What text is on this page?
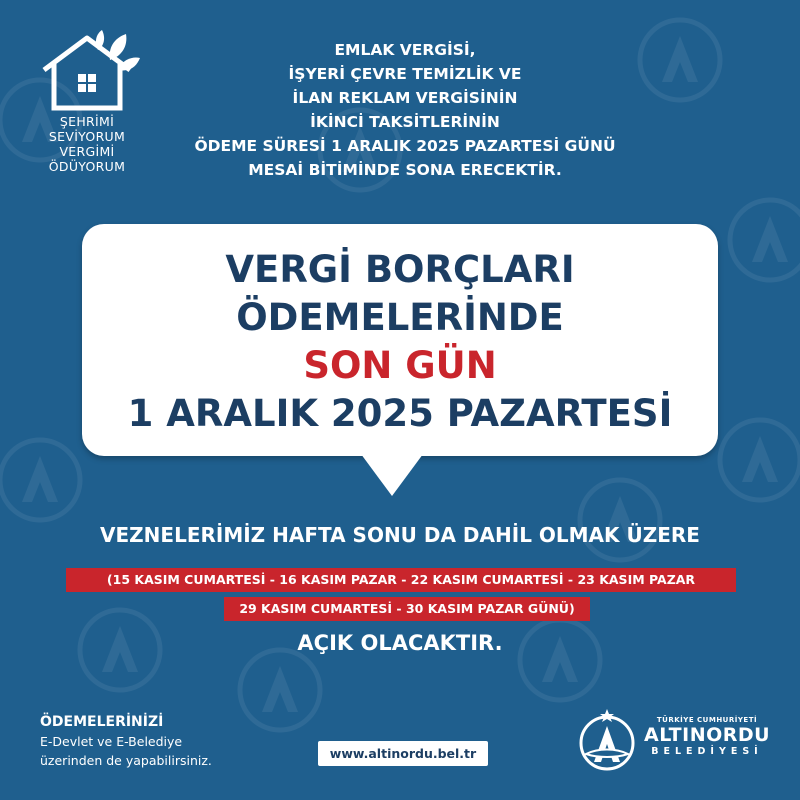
ŞEHRİMİ
SEVİYORUM
VERGİMİ
ÖDÜYORUM
EMLAK VERGİSİ,
İŞYERİ ÇEVRE TEMİZLİK VE
İLAN REKLAM VERGİSİNİN
İKİNCİ TAKSİTLERİNİN
ÖDEME SÜRESİ 1 ARALIK 2025 PAZARTESİ GÜNÜ
MESAİ BİTİMİNDE SONA ERECEKTİR.
VERGİ BORÇLARI
ÖDEMELERİNDE
SON GÜN
1 ARALIK 2025 PAZARTESİ
VEZNELERİMİZ HAFTA SONU DA DAHİL OLMAK ÜZERE
(15 KASIM CUMARTESİ - 16 KASIM PAZAR - 22 KASIM CUMARTESİ - 23 KASIM PAZAR
29 KASIM CUMARTESİ - 30 KASIM PAZAR GÜNÜ)
AÇIK OLACAKTIR.
ÖDEMELERİNİZİ
E-Devlet ve E-Belediye
üzerinden de yapabilirsiniz.	www.altinordu.bel.tr
TÜRKİYE CUMHURİYETİ
ALTINORDU
BELEDİYESİ
